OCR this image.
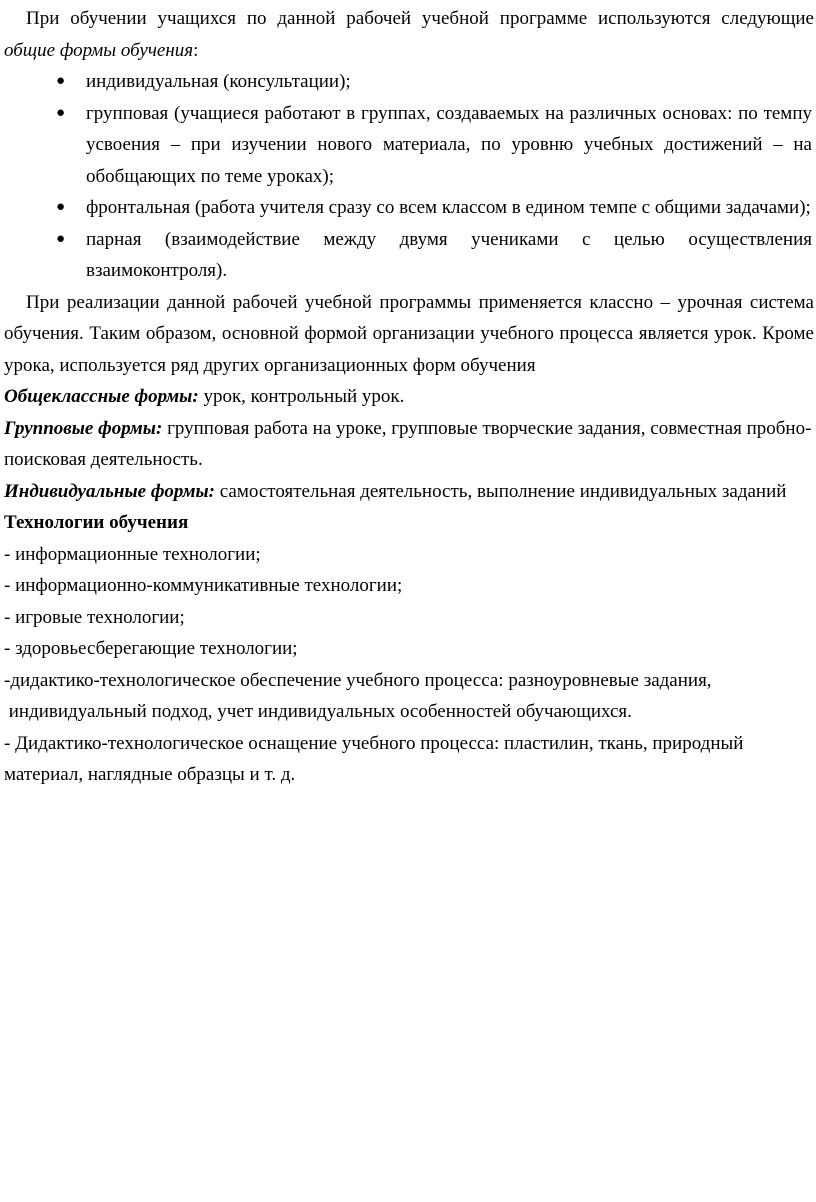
При обучении учащихся по данной рабочей учебной программе используются следующие общие формы обучения:

● индивидуальная (консультации);
● групповая (учащиеся работают в группах, создаваемых на различных основах: по темпу усвоения – при изучении нового материала, по уровню учебных достижений – на обобщающих по теме уроках);
● фронтальная (работа учителя сразу со всем классом в едином темпе с общими задачами);
● парная (взаимодействие между двумя учениками с целью осуществления взаимоконтроля).

При реализации данной рабочей учебной программы применяется классно – урочная система обучения. Таким образом, основной формой организации учебного процесса является урок. Кроме урока, используется ряд других организационных форм обучения

Общеклассные формы: урок, контрольный урок.

Групповые формы: групповая работа на уроке, групповые творческие задания, совместная пробно-поисковая деятельность.

Индивидуальные формы: самостоятельная деятельность, выполнение индивидуальных заданий

Технологии обучения

- информационные технологии;

- информационно-коммуникативные технологии;

- игровые технологии;

- здоровьесберегающие технологии;

-дидактико-технологическое обеспечение учебного процесса: разноуровневые задания,

индивидуальный подход, учет индивидуальных особенностей обучающихся.

- Дидактико-технологическое оснащение учебного процесса: пластилин, ткань, природный материал, наглядные образцы и т. д.
